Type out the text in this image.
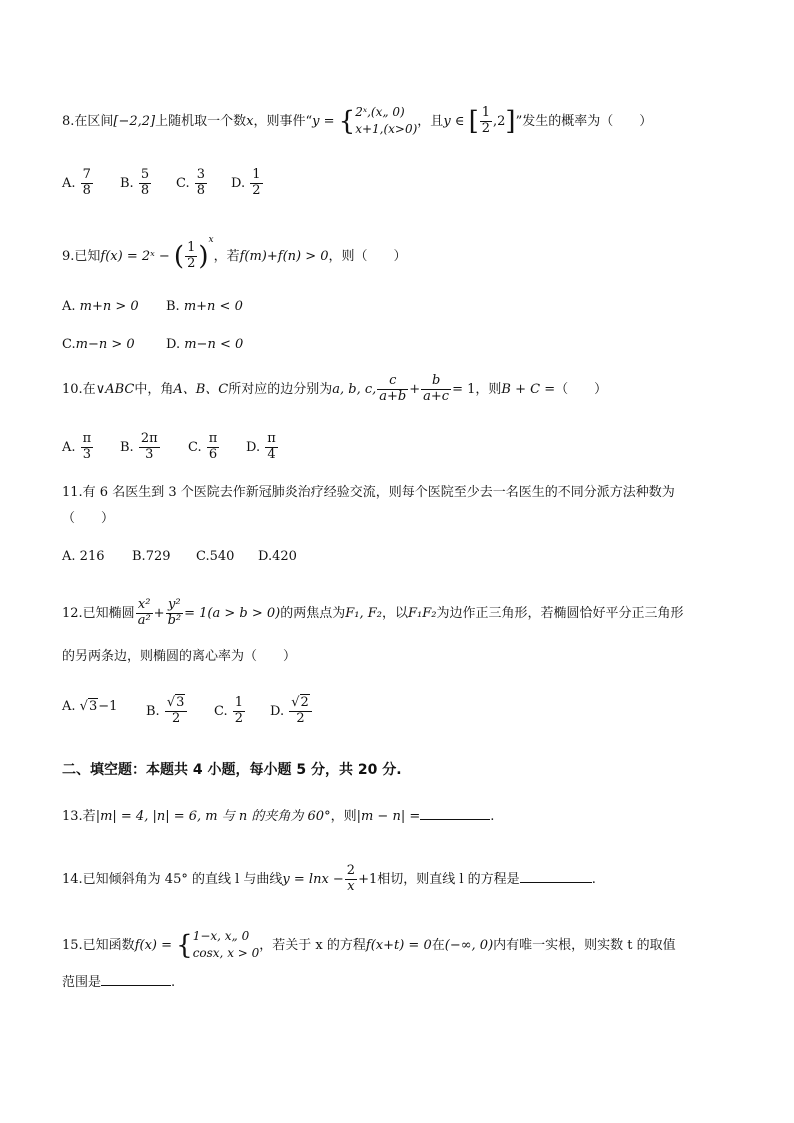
8.在区间[−2,2]上随机取一个数x，则事件“y = { 2ˣ,(x„ 0)
x+1,(x>0)
，且y ∈ [ $\frac{1}{2} ,2$]”发生的概率为（　　）
A. $\frac{7}{8} B$. $\frac{5}{8} C$. $\frac{3}{8} D$. $\frac{1}{2}$
9.已知f(x) = 2ˣ − ( $\frac{1}{2} )^x$，若f(m)+f(n) > 0，则（　　）
A. m+n > 0 B. m+n < 0
C.m−n > 0 D. m−n < 0
10.在∨ABC中，角A、B、C所对应的边分别为a, b, c, $\frac{c}{a+b} + \frac{b}{a+c} = 1$，则B + C =（　　）
A. $\frac{\pi}{3} B$. $\frac{2\pi}{3} C$. $\frac{\pi}{6} D$. $\frac{\pi}{4}$
11.有 6 名医生到 3 个医院去作新冠肺炎治疗经验交流，则每个医院至少去一名医生的不同分派方法种数为
（　　）
A. 216 B.729 C.540 D.420
12.已知椭圆 $\frac{\text{x²}}{\text{a²}} + \frac{\text{y²}}{\text{b²}} = 1(a > b > 0)$的两焦点为F₁, F₂，以F₁F₂为边作正三角形，若椭圆恰好平分正三角形
的另两条边，则椭圆的离心率为（　　）
A. √3−1 B. $\frac{√3}{2} C$. $\frac{1}{2} D$. $\frac{√2}{2}$
二、填空题：本题共 4 小题，每小题 5 分，共 20 分.
13.若|m| = 4, |n| = 6, m 与 n 的夹角为 60°，则|m − n| =	.
14.已知倾斜角为 45° 的直线 l 与曲线$y = \ln x - \frac{2}{x} +1$相切，则直线 l 的方程是	.
15.已知函数f(x) = { 1−x, x„ 0
cosx, x > 0
，若关于 x 的方程f(x+t) = 0在(−∞, 0)内有唯一实根，则实数 t 的取值
范围是	.
